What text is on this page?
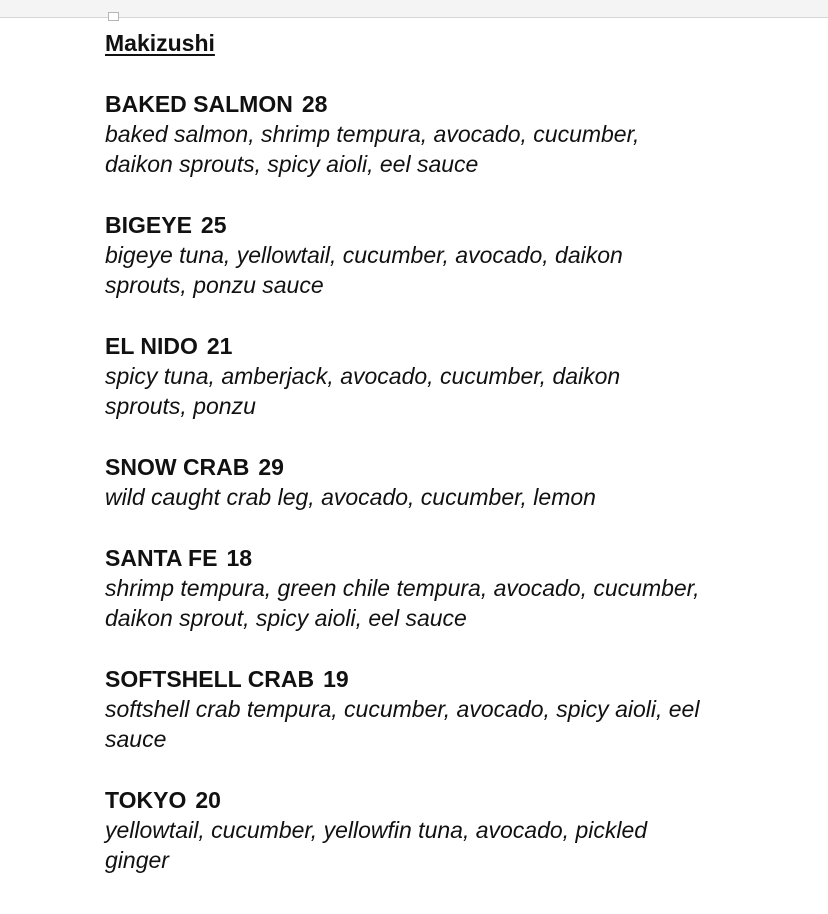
Makizushi
BAKED SALMON 28
baked salmon, shrimp tempura, avocado, cucumber,
daikon sprouts, spicy aioli, eel sauce
BIGEYE 25
bigeye tuna, yellowtail, cucumber, avocado, daikon
sprouts, ponzu sauce
EL NIDO 21
spicy tuna, amberjack, avocado, cucumber, daikon
sprouts, ponzu
SNOW CRAB 29
wild caught crab leg, avocado, cucumber, lemon
SANTA FE 18
shrimp tempura, green chile tempura, avocado, cucumber,
daikon sprout, spicy aioli, eel sauce
SOFTSHELL CRAB 19
softshell crab tempura, cucumber, avocado, spicy aioli, eel
sauce
TOKYO 20
yellowtail, cucumber, yellowfin tuna, avocado, pickled
ginger
